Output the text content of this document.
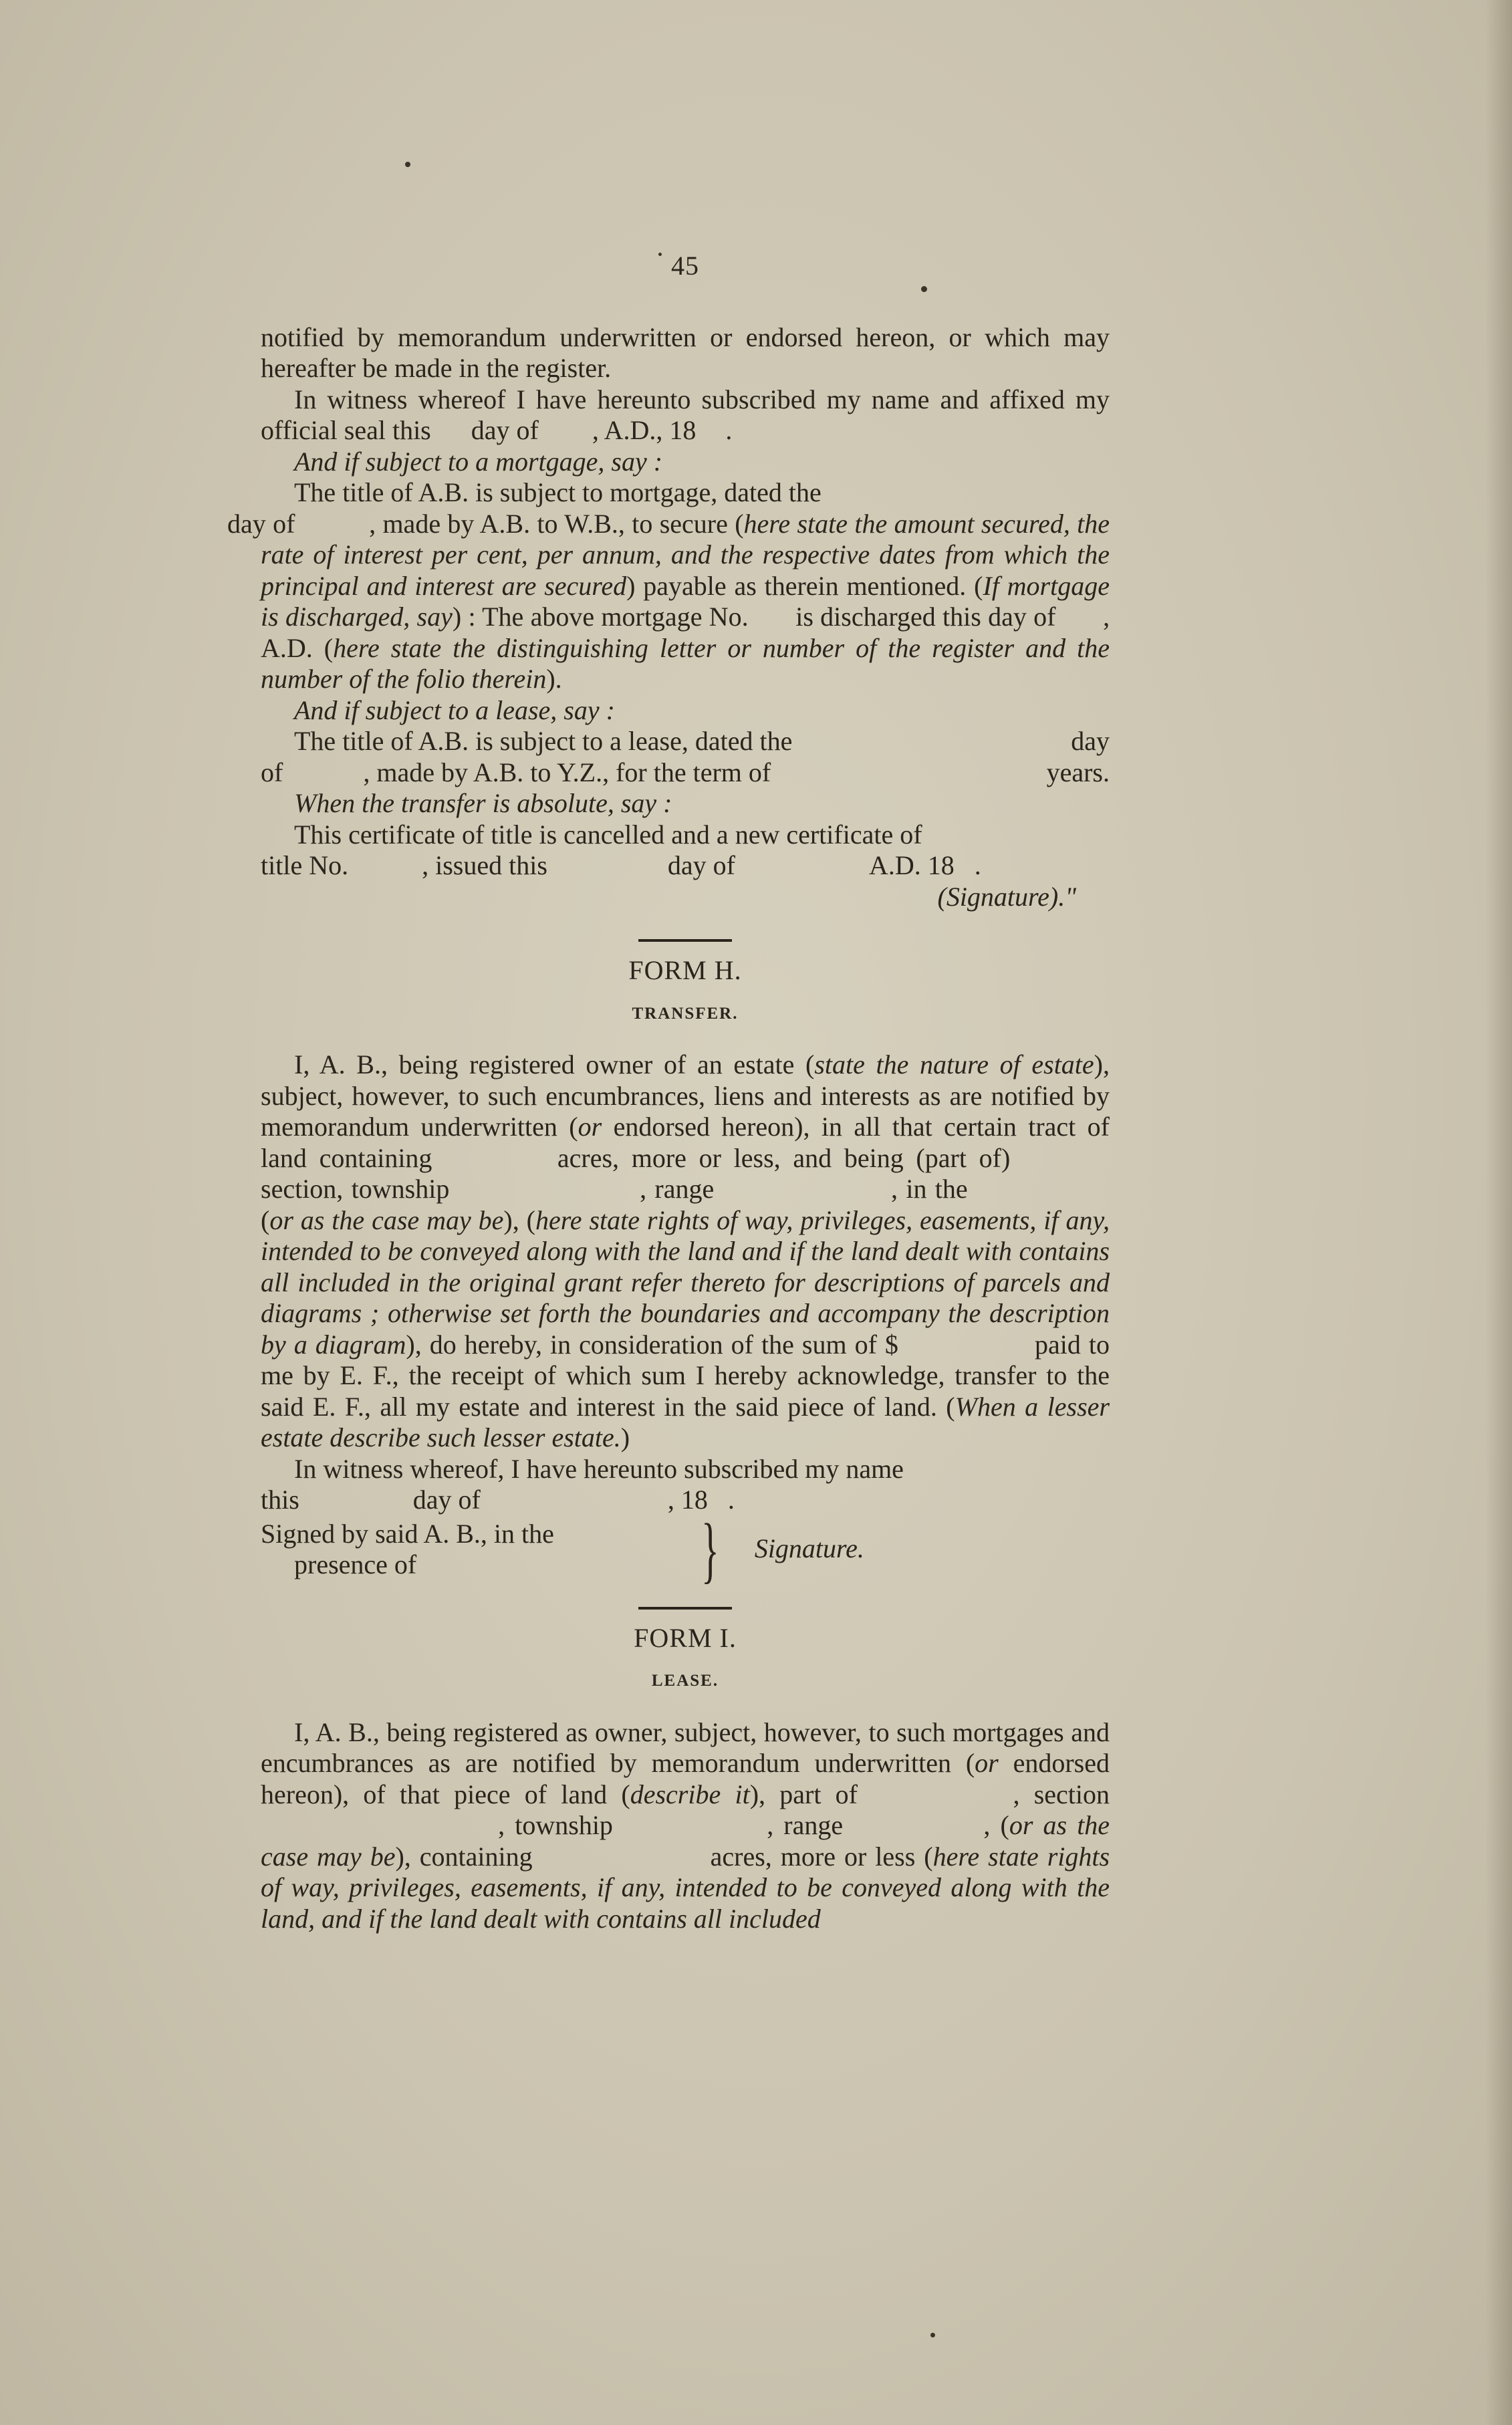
45

notified by memorandum underwritten or endorsed hereon, or which may hereafter be made in the register.

In witness whereof I have hereunto subscribed my name and affixed my official seal this day of , A.D., 18 .

And if subject to a mortgage, say :

The title of A.B. is subject to mortgage, dated the
day of	, made by A.B. to W.B., to secure (here state the amount secured, the rate of interest per cent, per annum, and the respective dates from which the principal and interest are secured) payable as therein mentioned. (If mortgage is discharged, say) : The above mortgage No. is discharged this day of , A.D. (here state the distinguishing letter or number of the register and the number of the folio therein).

And if subject to a lease, say :

The title of A.B. is subject to a lease, dated the	day
of	, made by A.B. to Y.Z., for the term of	years.

When the transfer is absolute, say :

This certificate of title is cancelled and a new certificate of

title No.	, issued this	day of	A.D. 18 .
(Signature)."
FORM H.
TRANSFER.

I, A. B., being registered owner of an estate (state the nature of estate), subject, however, to such encumbrances, liens and interests as are notified by memorandum underwritten (or endorsed hereon), in all that certain tract of land containing	acres, more or less, and being (part of)  section, township	, range	, in the  (or as the case may be), (here state rights of way, privileges, easements, if any, intended to be conveyed along with the land and if the land dealt with contains all included in the original grant refer thereto for descriptions of parcels and diagrams ; otherwise set forth the boundaries and accompany the description by a diagram), do hereby, in consideration of the sum of $	paid to me by E. F., the receipt of which sum I hereby acknowledge, transfer to the said E. F., all my estate and interest in the said piece of land. (When a lesser estate describe such lesser estate.)

In witness whereof, I have hereunto subscribed my name

this	day of	, 18 .
Signed by said A. B., in the
presence of	} Signature.
FORM I.
LEASE.

I, A. B., being registered as owner, subject, however, to such mortgages and encumbrances as are notified by memorandum underwritten (or endorsed hereon), of that piece of land (describe it), part of	, section  , township	, range	, (or as the case may be), containing	acres, more or less (here state rights of way, privileges, easements, if any, intended to be conveyed along with the land, and if the land dealt with contains all included
